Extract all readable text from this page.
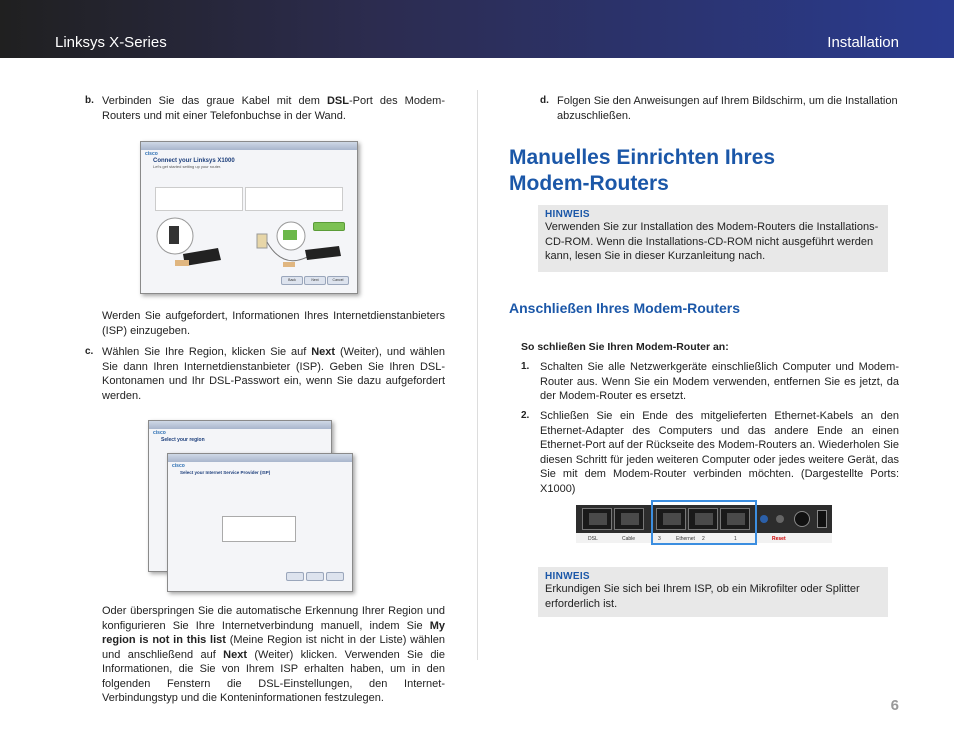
Linksys X-Series	Installation
b. Verbinden Sie das graue Kabel mit dem DSL-Port des Modem-Routers und mit einer Telefonbuchse in der Wand.

cisco
Connect your Linksys X1000
Let's get started setting up your router.
Back	Next	Cancel

Werden Sie aufgefordert, Informationen Ihres Internetdienstanbieters (ISP) einzugeben.

c. Wählen Sie Ihre Region, klicken Sie auf Next (Weiter), und wählen Sie dann Ihren Internetdienstanbieter (ISP). Geben Sie Ihren DSL-Kontonamen und Ihr DSL-Passwort ein, wenn Sie dazu aufgefordert werden.

cisco
Select your region
cisco
Select your Internet Service Provider (ISP)

Oder überspringen Sie die automatische Erkennung Ihrer Region und konfigurieren Sie Ihre Internetverbindung manuell, indem Sie My region is not in this list (Meine Region ist nicht in der Liste) wählen und anschließend auf Next (Weiter) klicken. Verwenden Sie die Informationen, die Sie von Ihrem ISP erhalten haben, um in den folgenden Fenstern die DSL-Einstellungen, den Internet-Verbindungstyp und die Konteninformationen festzulegen.

d. Folgen Sie den Anweisungen auf Ihrem Bildschirm, um die Installation abzuschließen.

Manuelles Einrichten Ihres Modem-Routers
HINWEIS
Verwenden Sie zur Installation des Modem-Routers die Installations-CD-ROM. Wenn die Installations-CD-ROM nicht ausgeführt werden kann, lesen Sie in dieser Kurzanleitung nach.
Anschließen Ihres Modem-Routers
So schließen Sie Ihren Modem-Router an:
1. Schalten Sie alle Netzwerkgeräte einschließlich Computer und Modem-Router aus. Wenn Sie ein Modem verwenden, entfernen Sie es jetzt, da der Modem-Router es ersetzt.

2. Schließen Sie ein Ende des mitgelieferten Ethernet-Kabels an den Ethernet-Adapter des Computers und das andere Ende an einen Ethernet-Port auf der Rückseite des Modem-Routers an. Wiederholen Sie diesen Schritt für jeden weiteren Computer oder jedes weitere Gerät, das Sie mit dem Modem-Router verbinden möchten. (Dargestellte Ports: X1000)

DSL	Cable	3	Ethernet 2	1	Reset
HINWEIS
Erkundigen Sie sich bei Ihrem ISP, ob ein Mikrofilter oder Splitter erforderlich ist.
6
